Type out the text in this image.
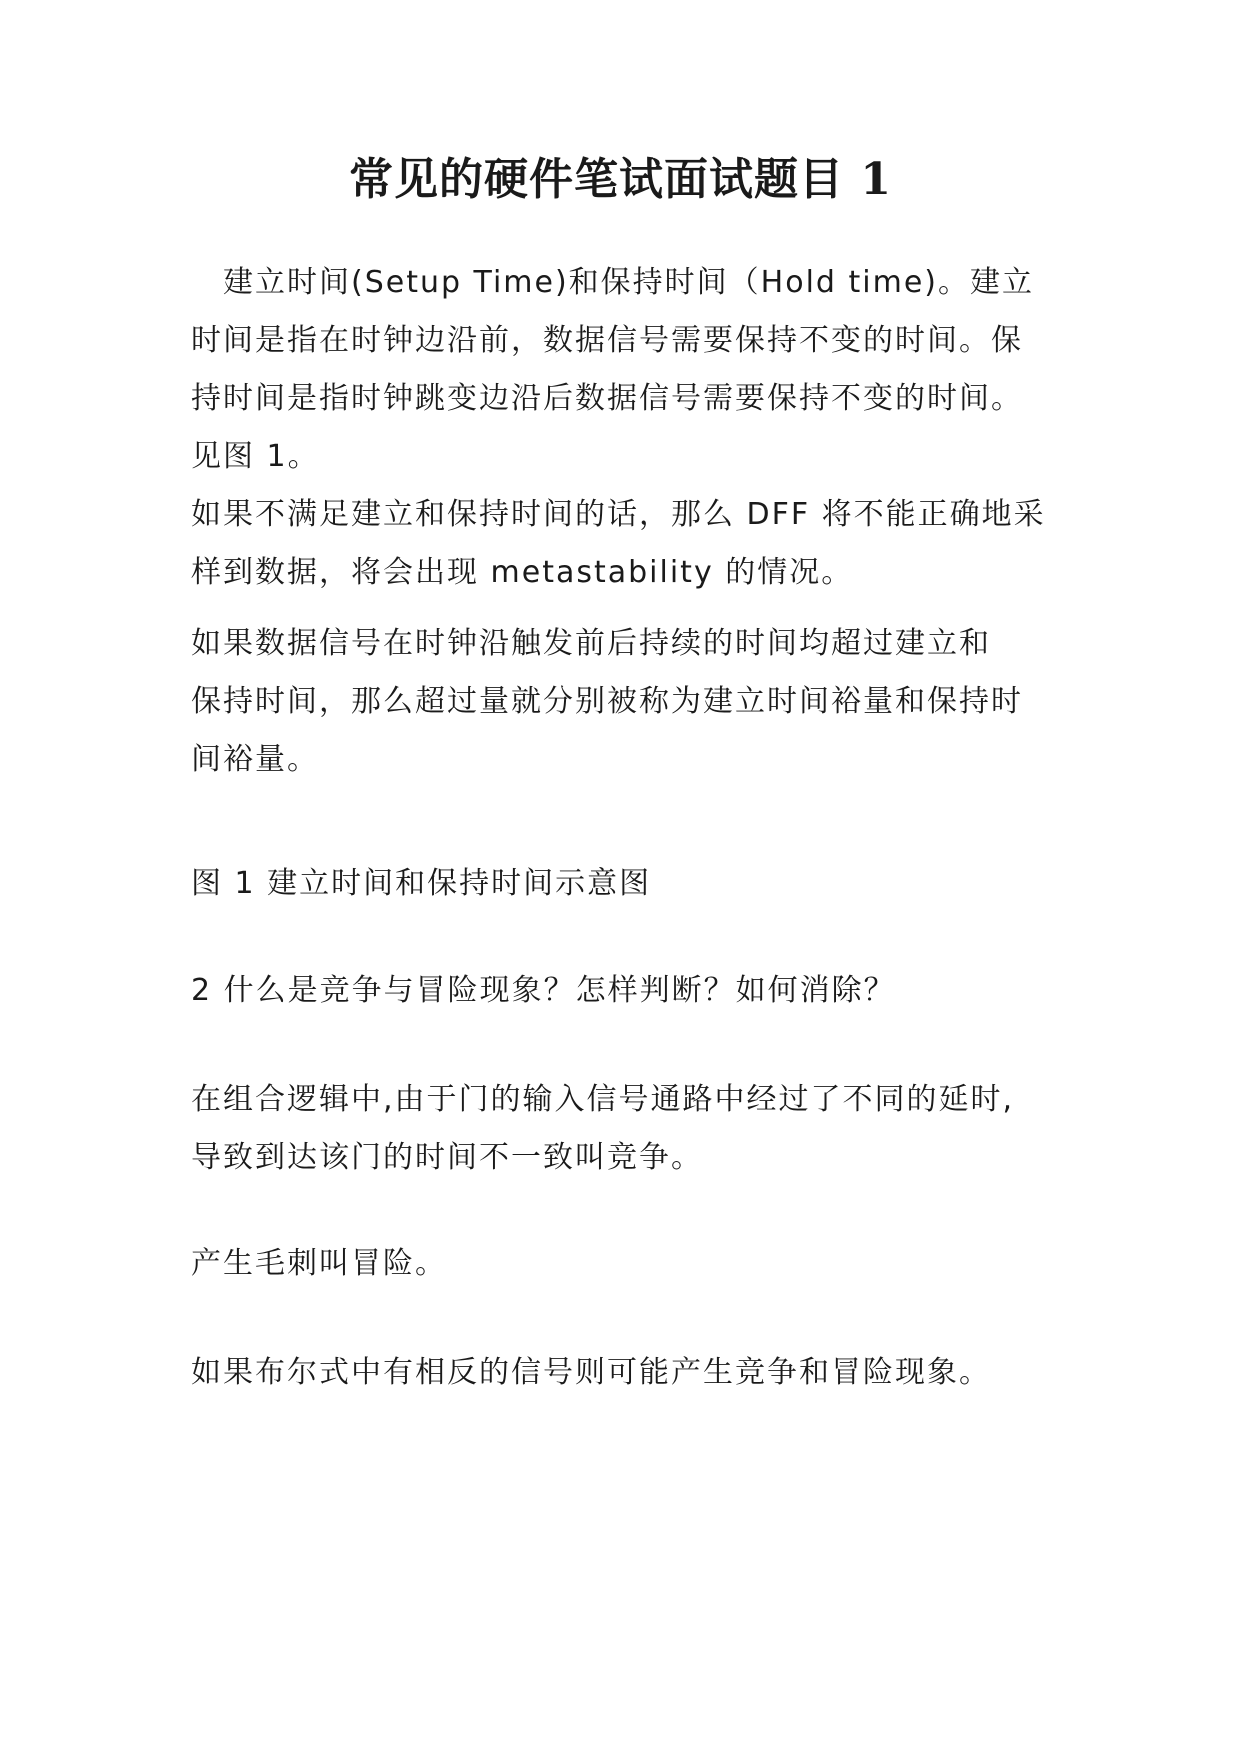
常见的硬件笔试面试题目 1
　建立时间(Setup Time)和保持时间（Hold time)。建立
时间是指在时钟边沿前，数据信号需要保持不变的时间。保
持时间是指时钟跳变边沿后数据信号需要保持不变的时间。
见图 1。
如果不满足建立和保持时间的话，那么 DFF 将不能正确地采
样到数据，将会出现 metastability 的情况。
如果数据信号在时钟沿触发前后持续的时间均超过建立和
保持时间，那么超过量就分别被称为建立时间裕量和保持时
间裕量。
图 1 建立时间和保持时间示意图
2 什么是竞争与冒险现象？怎样判断？如何消除？
在组合逻辑中,由于门的输入信号通路中经过了不同的延时,
导致到达该门的时间不一致叫竞争。
产生毛刺叫冒险。
如果布尔式中有相反的信号则可能产生竞争和冒险现象。
